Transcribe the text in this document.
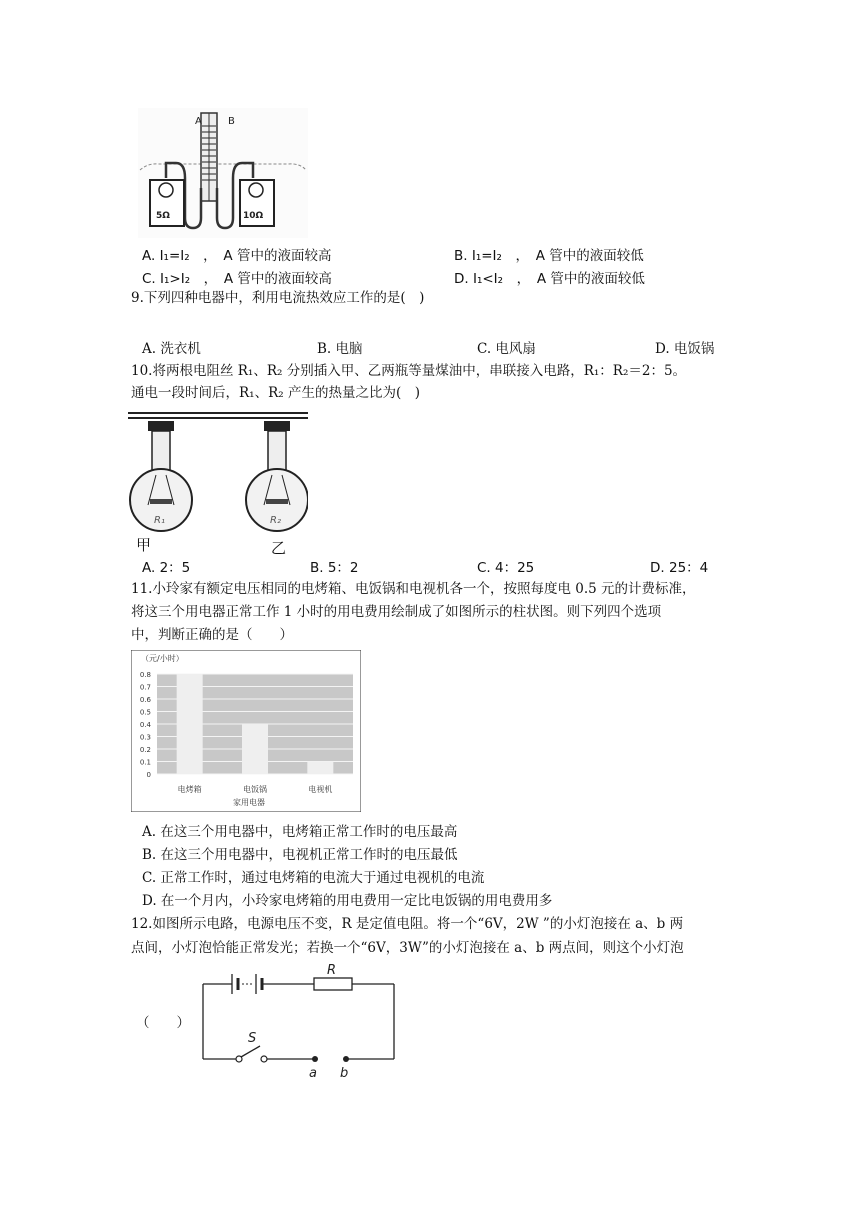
A	B
5Ω	10Ω
A. I₁=I₂　，　A 管中的液面较高	B. I₁=I₂　，　A 管中的液面较低
C. I₁>I₂　，　A 管中的液面较高	D. I₁<I₂　，　A 管中的液面较低
9.下列四种电器中，利用电流热效应工作的是(　)
A. 洗衣机	B. 电脑	C. 电风扇	D. 电饭锅
10.将两根电阻丝 R₁、R₂ 分别插入甲、乙两瓶等量煤油中，串联接入电路，R₁：R₂＝2：5。
通电一段时间后，R₁、R₂ 产生的热量之比为(　)
R₁	R₂
甲	乙
A. 2：5	B. 5：2	C. 4：25	D. 25：4
11.小玲家有额定电压相同的电烤箱、电饭锅和电视机各一个，按照每度电 0.5 元的计费标准，
将这三个用电器正常工作 1 小时的用电费用绘制成了如图所示的柱状图。则下列四个选项
中，判断正确的是（　　）
（元/小时）
0
0.1
0.2
0.3
0.4
0.5
0.6
0.7
0.8
电烤箱	电饭锅	电视机
家用电器
A. 在这三个用电器中，电烤箱正常工作时的电压最高
B. 在这三个用电器中，电视机正常工作时的电压最低
C. 正常工作时，通过电烤箱的电流大于通过电视机的电流
D. 在一个月内，小玲家电烤箱的用电费用一定比电饭锅的用电费用多
12.如图所示电路，电源电压不变，R 是定值电阻。将一个“6V，2W ”的小灯泡接在 a、b 两
点间，小灯泡恰能正常发光；若换一个“6V，3W”的小灯泡接在 a、b 两点间，则这个小灯泡
（　　）
R
S
a b
